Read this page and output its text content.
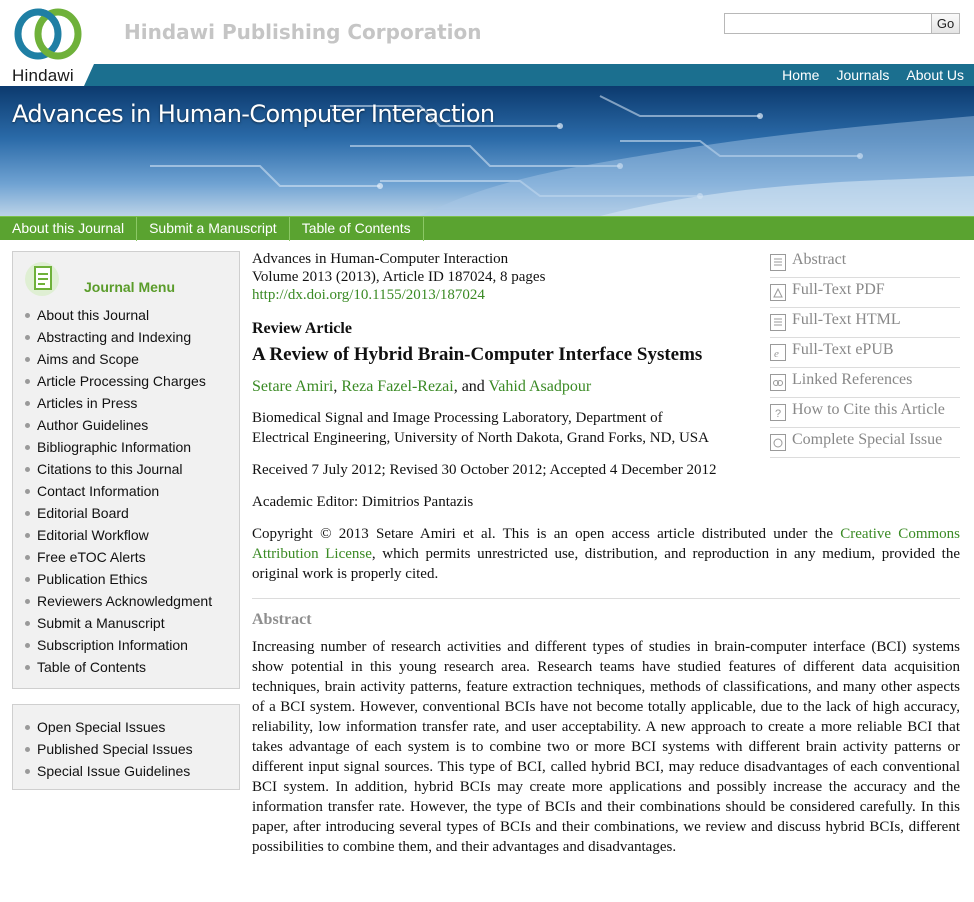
Hindawi
Hindawi Publishing Corporation	Go
Home Journals About Us
Advances in Human-Computer Interaction
About this Journal	Submit a Manuscript	Table of Contents
Journal Menu
About this Journal
Abstracting and Indexing
Aims and Scope
Article Processing Charges
Articles in Press
Author Guidelines
Bibliographic Information
Citations to this Journal
Contact Information
Editorial Board
Editorial Workflow
Free eTOC Alerts
Publication Ethics
Reviewers Acknowledgment
Submit a Manuscript
Subscription Information
Table of Contents
Open Special Issues
Published Special Issues
Special Issue Guidelines
Advances in Human-Computer Interaction
Volume 2013 (2013), Article ID 187024, 8 pages
http://dx.doi.org/10.1155/2013/187024
Review Article
A Review of Hybrid Brain-Computer Interface Systems
Setare Amiri, Reza Fazel-Rezai, and Vahid Asadpour
Biomedical Signal and Image Processing Laboratory, Department of Electrical Engineering, University of North Dakota, Grand Forks, ND, USA
Received 7 July 2012; Revised 30 October 2012; Accepted 4 December 2012
Academic Editor: Dimitrios Pantazis
Copyright © 2013 Setare Amiri et al. This is an open access article distributed under the Creative Commons Attribution License, which permits unrestricted use, distribution, and reproduction in any medium, provided the original work is properly cited.
Abstract
Increasing number of research activities and different types of studies in brain-computer interface (BCI) systems show potential in this young research area. Research teams have studied features of different data acquisition techniques, brain activity patterns, feature extraction techniques, methods of classifications, and many other aspects of a BCI system. However, conventional BCIs have not become totally applicable, due to the lack of high accuracy, reliability, low information transfer rate, and user acceptability. A new approach to create a more reliable BCI that takes advantage of each system is to combine two or more BCI systems with different brain activity patterns or different input signal sources. This type of BCI, called hybrid BCI, may reduce disadvantages of each conventional BCI system. In addition, hybrid BCIs may create more applications and possibly increase the accuracy and the information transfer rate. However, the type of BCIs and their combinations should be considered carefully. In this paper, after introducing several types of BCIs and their combinations, we review and discuss hybrid BCIs, different possibilities to combine them, and their advantages and disadvantages.
Abstract
Full-Text PDF
Full-Text HTML
e Full-Text ePUB
Linked References
? How to Cite this Article
Complete Special Issue
